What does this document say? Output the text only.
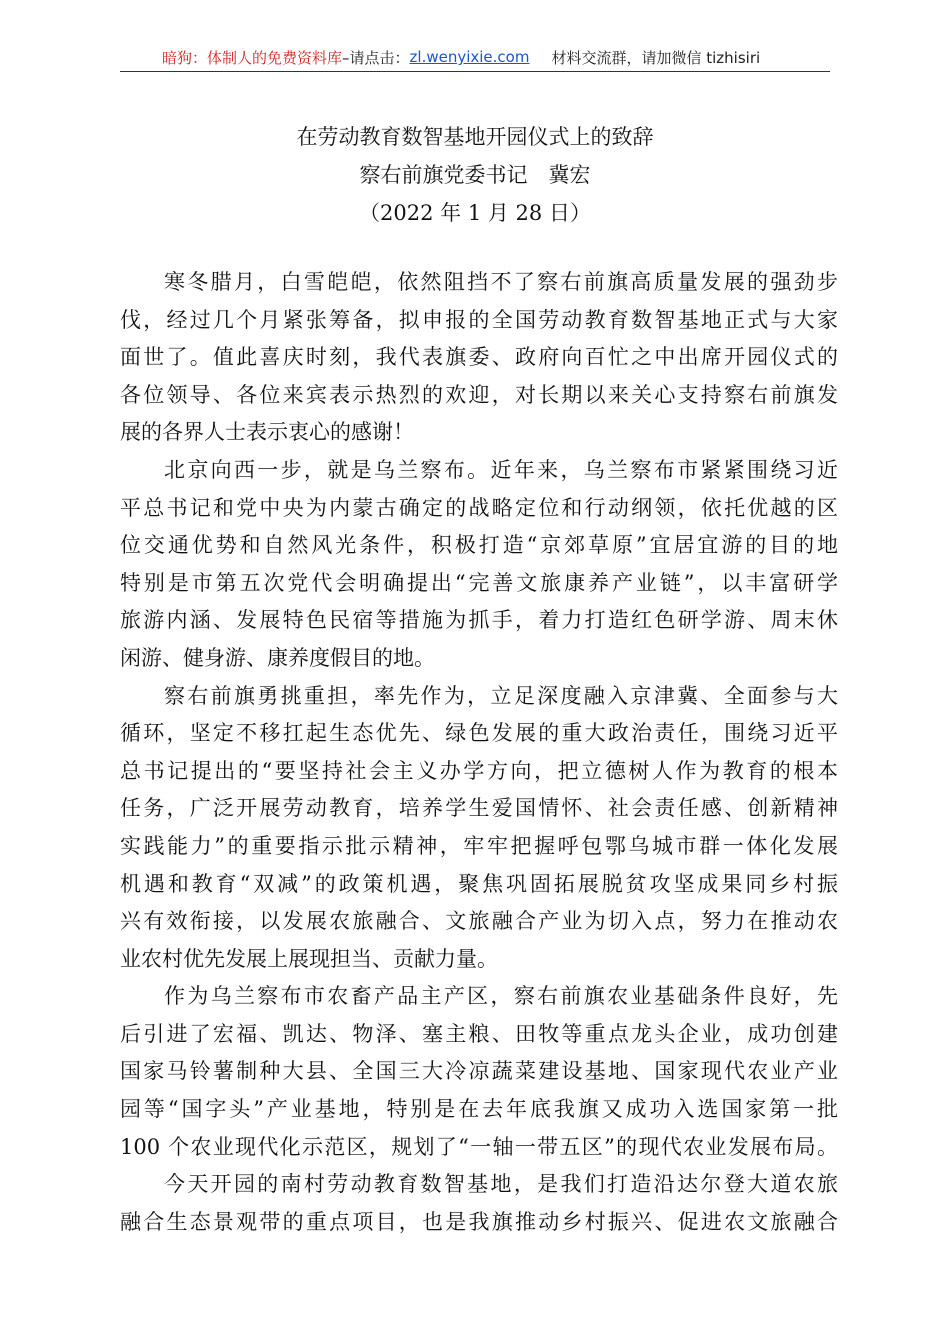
暗狗：体制人的免费资料库 –请点击： zl.wenyixie.com 材料交流群，请加微信 tizhisiri
在劳动教育数智基地开园仪式上的致辞
察右前旗党委书记　冀宏
（2022 年 1 月 28 日）

寒冬腊月，白雪皑皑，依然阻挡不了察右前旗高质量发展的强劲步
伐，经过几个月紧张筹备，拟申报的全国劳动教育数智基地正式与大家
面世了。值此喜庆时刻，我代表旗委、政府向百忙之中出席开园仪式的
各位领导、各位来宾表示热烈的欢迎，对长期以来关心支持察右前旗发
展的各界人士表示衷心的感谢！

北京向西一步，就是乌兰察布。近年来，乌兰察布市紧紧围绕习近
平总书记和党中央为内蒙古确定的战略定位和行动纲领，依托优越的区
位交通优势和自然风光条件，积极打造“京郊草原”宜居宜游的目的地
特别是市第五次党代会明确提出“完善文旅康养产业链”，以丰富研学
旅游内涵、发展特色民宿等措施为抓手，着力打造红色研学游、周末休
闲游、健身游、康养度假目的地。

察右前旗勇挑重担，率先作为，立足深度融入京津冀、全面参与大
循环，坚定不移扛起生态优先、绿色发展的重大政治责任，围绕习近平
总书记提出的“要坚持社会主义办学方向，把立德树人作为教育的根本
任务，广泛开展劳动教育，培养学生爱国情怀、社会责任感、创新精神
实践能力”的重要指示批示精神，牢牢把握呼包鄂乌城市群一体化发展
机遇和教育“双减”的政策机遇，聚焦巩固拓展脱贫攻坚成果同乡村振
兴有效衔接，以发展农旅融合、文旅融合产业为切入点，努力在推动农
业农村优先发展上展现担当、贡献力量。

作为乌兰察布市农畜产品主产区，察右前旗农业基础条件良好，先
后引进了宏福、凯达、物泽、塞主粮、田牧等重点龙头企业，成功创建
国家马铃薯制种大县、全国三大冷凉蔬菜建设基地、国家现代农业产业
园等“国字头”产业基地，特别是在去年底我旗又成功入选国家第一批
100 个农业现代化示范区，规划了“一轴一带五区”的现代农业发展布局。

今天开园的南村劳动教育数智基地，是我们打造沿达尔登大道农旅
融合生态景观带的重点项目，也是我旗推动乡村振兴、促进农文旅融合
